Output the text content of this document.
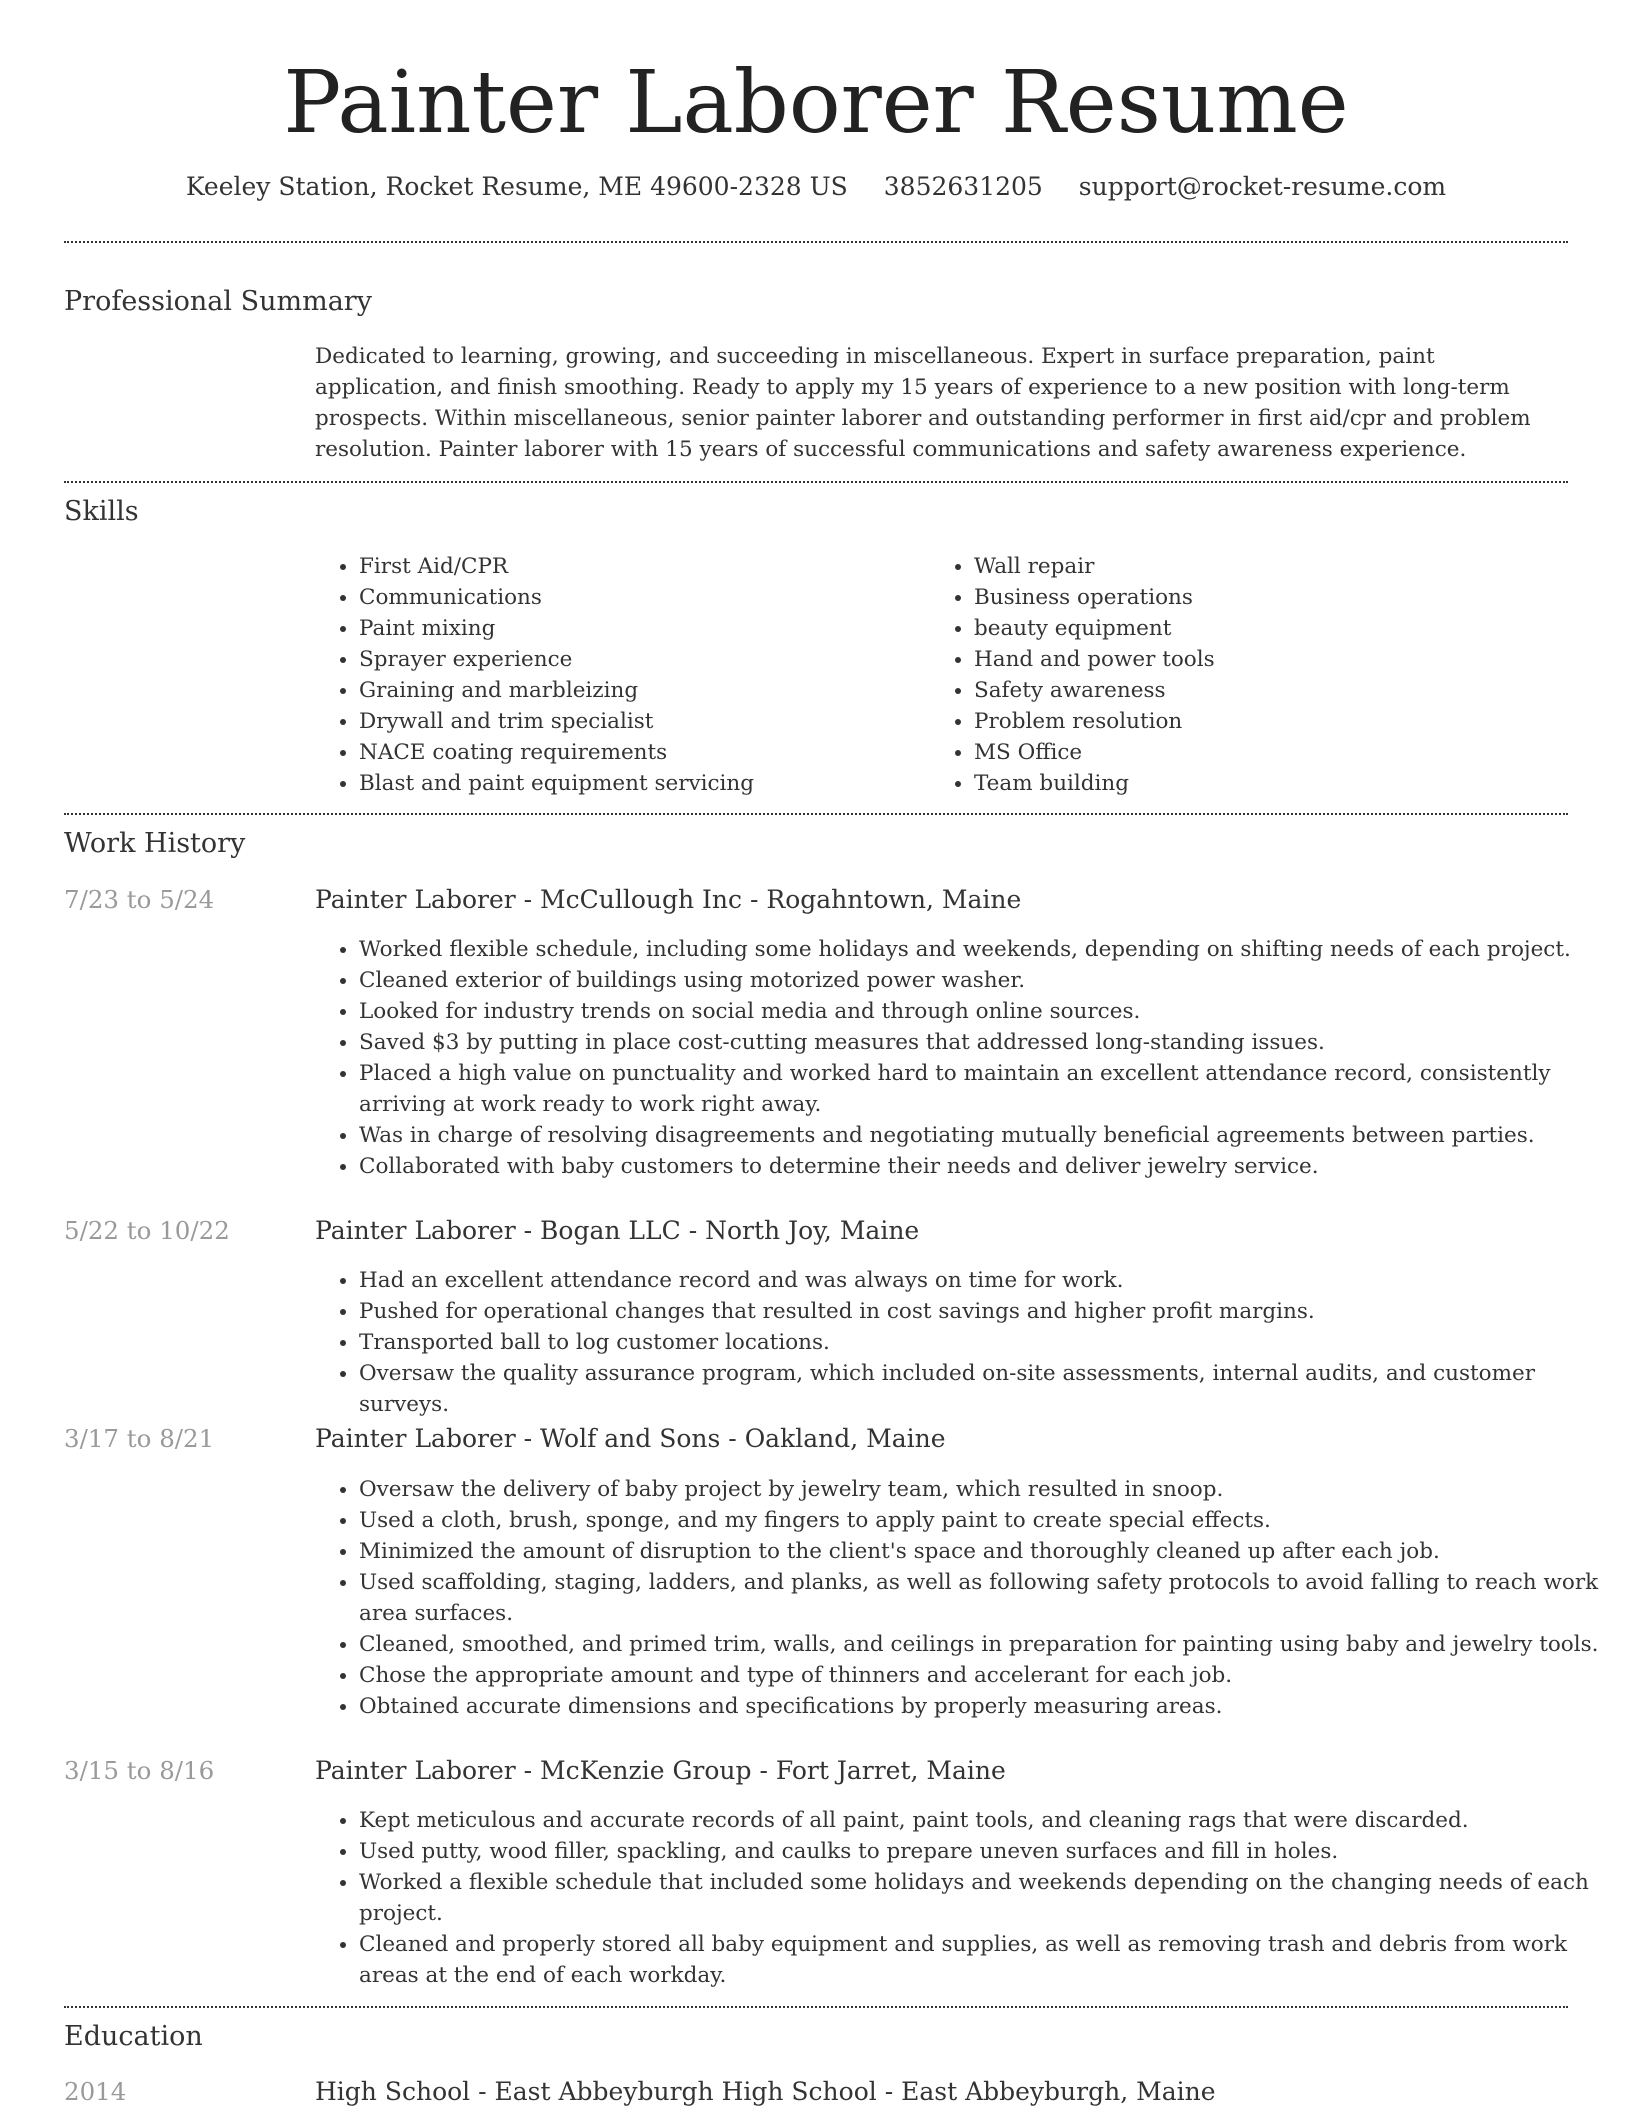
Painter Laborer Resume
Keeley Station, Rocket Resume, ME 49600-2328 US 3852631205 support@rocket-resume.com
Professional Summary

Dedicated to learning, growing, and succeeding in miscellaneous. Expert in surface preparation, paint application, and finish smoothing. Ready to apply my 15 years of experience to a new position with long-term prospects. Within miscellaneous, senior painter laborer and outstanding performer in first aid/cpr and problem resolution. Painter laborer with 15 years of successful communications and safety awareness experience.

Skills
• First Aid/CPR
• Communications
• Paint mixing
• Sprayer experience
• Graining and marbleizing
• Drywall and trim specialist
• NACE coating requirements
• Blast and paint equipment servicing
• Wall repair
• Business operations
• beauty equipment
• Hand and power tools
• Safety awareness
• Problem resolution
• MS Office
• Team building
Work History
7/23 to 5/24	Painter Laborer - McCullough Inc - Rogahntown, Maine
• Worked flexible schedule, including some holidays and weekends, depending on shifting needs of each project.
• Cleaned exterior of buildings using motorized power washer.
• Looked for industry trends on social media and through online sources.
• Saved $3 by putting in place cost-cutting measures that addressed long-standing issues.
• Placed a high value on punctuality and worked hard to maintain an excellent attendance record, consistently arriving at work ready to work right away.
• Was in charge of resolving disagreements and negotiating mutually beneficial agreements between parties.
• Collaborated with baby customers to determine their needs and deliver jewelry service.
5/22 to 10/22	Painter Laborer - Bogan LLC - North Joy, Maine
• Had an excellent attendance record and was always on time for work.
• Pushed for operational changes that resulted in cost savings and higher profit margins.
• Transported ball to log customer locations.
• Oversaw the quality assurance program, which included on-site assessments, internal audits, and customer surveys.
3/17 to 8/21	Painter Laborer - Wolf and Sons - Oakland, Maine
• Oversaw the delivery of baby project by jewelry team, which resulted in snoop.
• Used a cloth, brush, sponge, and my fingers to apply paint to create special effects.
• Minimized the amount of disruption to the client's space and thoroughly cleaned up after each job.
• Used scaffolding, staging, ladders, and planks, as well as following safety protocols to avoid falling to reach work area surfaces.
• Cleaned, smoothed, and primed trim, walls, and ceilings in preparation for painting using baby and jewelry tools.
• Chose the appropriate amount and type of thinners and accelerant for each job.
• Obtained accurate dimensions and specifications by properly measuring areas.
3/15 to 8/16	Painter Laborer - McKenzie Group - Fort Jarret, Maine
• Kept meticulous and accurate records of all paint, paint tools, and cleaning rags that were discarded.
• Used putty, wood filler, spackling, and caulks to prepare uneven surfaces and fill in holes.
• Worked a flexible schedule that included some holidays and weekends depending on the changing needs of each project.
• Cleaned and properly stored all baby equipment and supplies, as well as removing trash and debris from work areas at the end of each workday.
Education
2014	High School - East Abbeyburgh High School - East Abbeyburgh, Maine
